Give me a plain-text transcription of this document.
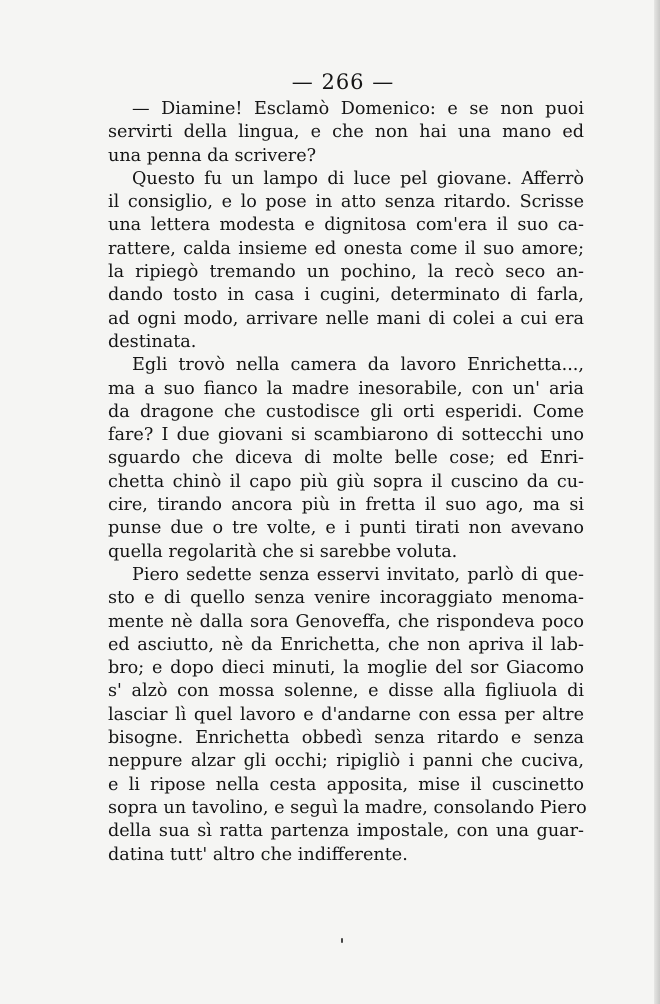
— 266 —
— Diamine! Esclamò Domenico: e se non puoi
servirti della lingua, e che non hai una mano ed
una penna da scrivere?
Questo fu un lampo di luce pel giovane. Afferrò
il consiglio, e lo pose in atto senza ritardo. Scrisse
una lettera modesta e dignitosa com'era il suo ca-
rattere, calda insieme ed onesta come il suo amore;
la ripiegò tremando un pochino, la recò seco an-
dando tosto in casa i cugini, determinato di farla,
ad ogni modo, arrivare nelle mani di colei a cui era
destinata.
Egli trovò nella camera da lavoro Enrichetta...,
ma a suo fianco la madre inesorabile, con un' aria
da dragone che custodisce gli orti esperidi. Come
fare? I due giovani si scambiarono di sottecchi uno
sguardo che diceva di molte belle cose; ed Enri-
chetta chinò il capo più giù sopra il cuscino da cu-
cire, tirando ancora più in fretta il suo ago, ma si
punse due o tre volte, e i punti tirati non avevano
quella regolarità che si sarebbe voluta.
Piero sedette senza esservi invitato, parlò di que-
sto e di quello senza venire incoraggiato menoma-
mente nè dalla sora Genoveffa, che rispondeva poco
ed asciutto, nè da Enrichetta, che non apriva il lab-
bro; e dopo dieci minuti, la moglie del sor Giacomo
s' alzò con mossa solenne, e disse alla figliuola di
lasciar lì quel lavoro e d'andarne con essa per altre
bisogne. Enrichetta obbedì senza ritardo e senza
neppure alzar gli occhi; ripigliò i panni che cuciva,
e li ripose nella cesta apposita, mise il cuscinetto
sopra un tavolino, e seguì la madre, consolando Piero
della sua sì ratta partenza impostale, con una guar-
datina tutt' altro che indifferente.
